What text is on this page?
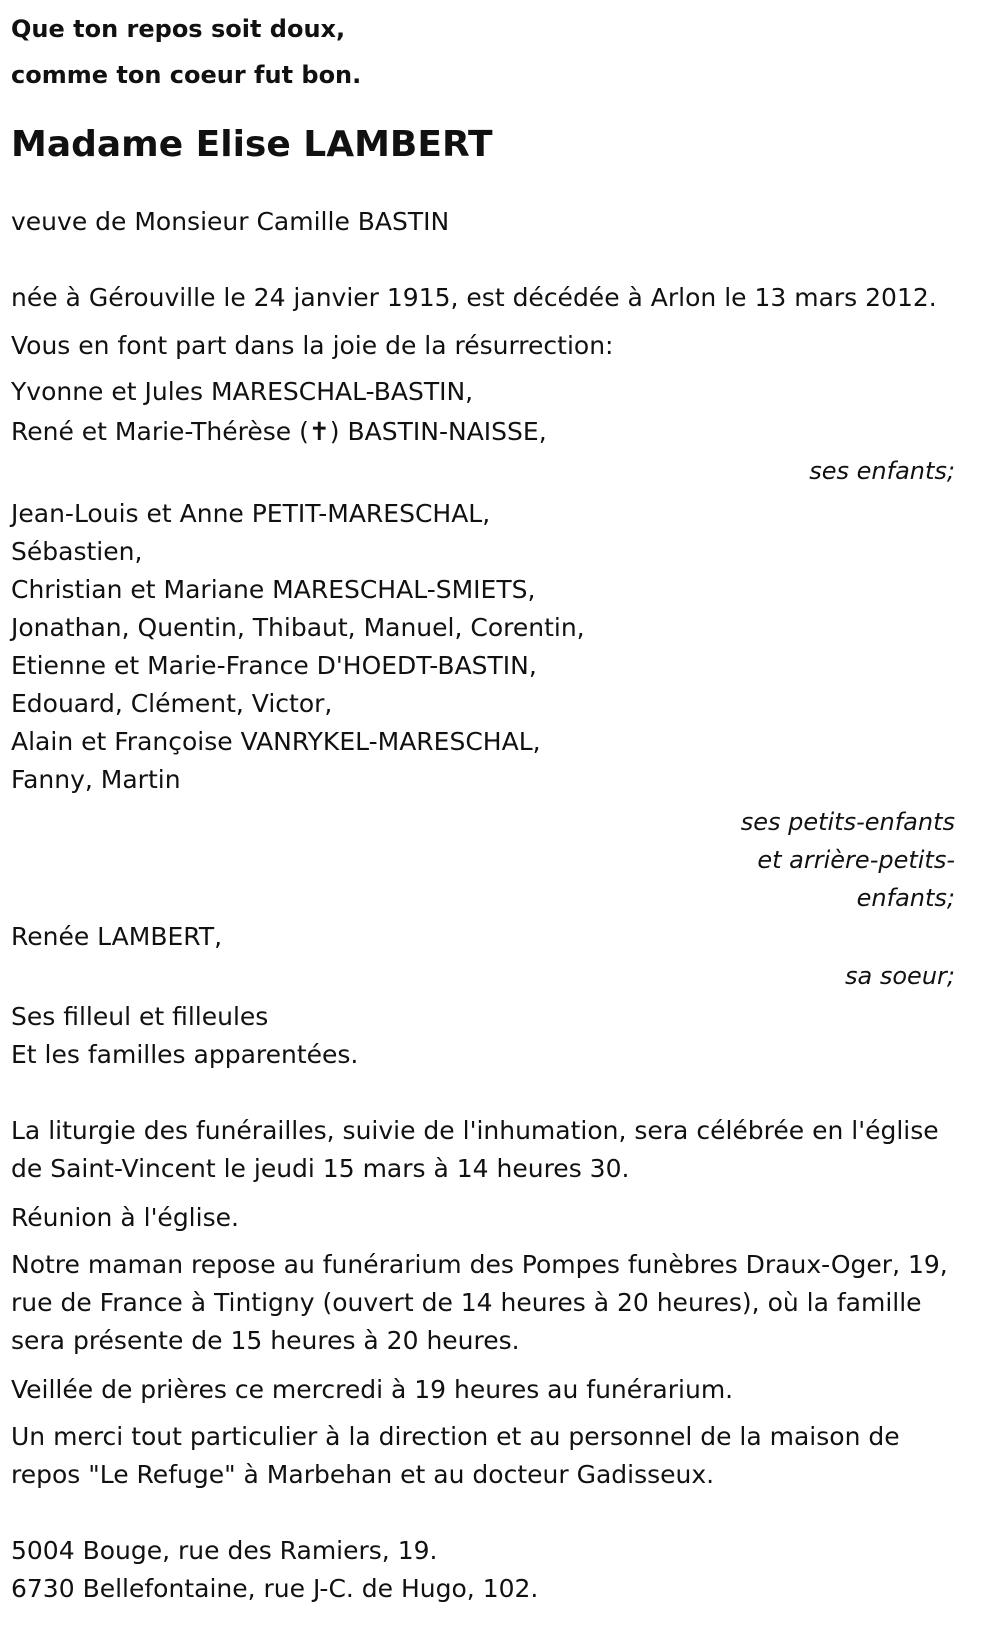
Que ton repos soit doux,
comme ton coeur fut bon.
Madame Elise LAMBERT
veuve de Monsieur Camille BASTIN
née à Gérouville le 24 janvier 1915, est décédée à Arlon le 13 mars 2012.
Vous en font part dans la joie de la résurrection:
Yvonne et Jules MARESCHAL-BASTIN,
René et Marie-Thérèse (✝) BASTIN-NAISSE,
ses enfants;
Jean-Louis et Anne PETIT-MARESCHAL,
Sébastien,
Christian et Mariane MARESCHAL-SMIETS,
Jonathan, Quentin, Thibaut, Manuel, Corentin,
Etienne et Marie-France D'HOEDT-BASTIN,
Edouard, Clément, Victor,
Alain et Françoise VANRYKEL-MARESCHAL,
Fanny, Martin
ses petits-enfants
et arrière-petits-
enfants;
Renée LAMBERT,
sa soeur;
Ses filleul et filleules
Et les familles apparentées.
La liturgie des funérailles, suivie de l'inhumation, sera célébrée en l'église de Saint-Vincent le jeudi 15 mars à 14 heures 30.
Réunion à l'église.
Notre maman repose au funérarium des Pompes funèbres Draux-Oger, 19, rue de France à Tintigny (ouvert de 14 heures à 20 heures), où la famille sera présente de 15 heures à 20 heures.
Veillée de prières ce mercredi à 19 heures au funérarium.
Un merci tout particulier à la direction et au personnel de la maison de repos "Le Refuge" à Marbehan et au docteur Gadisseux.
5004 Bouge, rue des Ramiers, 19.
6730 Bellefontaine, rue J-C. de Hugo, 102.
